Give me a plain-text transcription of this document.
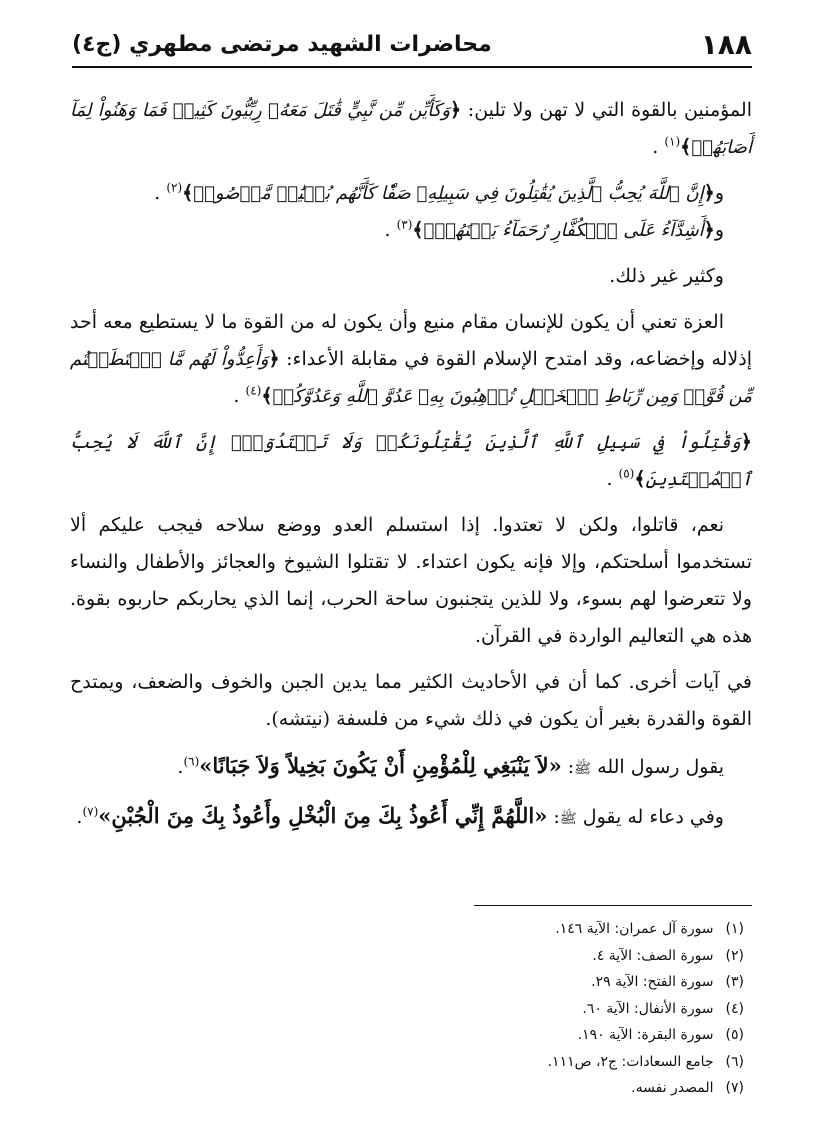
١٨٨
محاضرات الشهيد مرتضى مطهري (ج٤)

المؤمنين بالقوة التي لا تهن ولا تلين: ﴿وَكَأَيِّن مِّن نَّبِيٍّ قَٰتَلَ مَعَهُۥ رِبِّيُّونَ كَثِيرٞ فَمَا وَهَنُواْ لِمَآ أَصَابَهُمۡ﴾$^{(١)}$ .

و﴿إِنَّ ٱللَّهَ يُحِبُّ ٱلَّذِينَ يُقَٰتِلُونَ فِي سَبِيلِهِۦ صَفّٗا كَأَنَّهُم بُنۡيَٰنٞ مَّرۡصُوصٞ﴾$^{(٢)}$ .

و﴿أَشِدَّآءُ عَلَى ٱلۡكُفَّارِ رُحَمَآءُ بَيۡنَهُمۡۖ﴾$^{(٣)}$ .

وكثير غير ذلك.

العزة تعني أن يكون للإنسان مقام منيع وأن يكون له من القوة ما لا يستطيع معه أحد إذلاله وإخضاعه، وقد امتدح الإسلام القوة في مقابلة الأعداء: ﴿وَأَعِدُّواْ لَهُم مَّا ٱسۡتَطَعۡتُم مِّن قُوَّةٖ وَمِن رِّبَاطِ ٱلۡخَيۡلِ تُرۡهِبُونَ بِهِۦ عَدُوَّ ٱللَّهِ وَعَدُوَّكُمۡ﴾$^{(٤)}$ .

﴿وَقَٰتِلُواْ فِي سَبِيلِ ٱللَّهِ ٱلَّذِينَ يُقَٰتِلُونَكُمۡ وَلَا تَعۡتَدُوٓاْۚ إِنَّ ٱللَّهَ لَا يُحِبُّ ٱلۡمُعۡتَدِينَ﴾$^{(٥)}$ .

نعم، قاتلوا، ولكن لا تعتدوا. إذا استسلم العدو ووضع سلاحه فيجب عليكم ألا تستخدموا أسلحتكم، وإلا فإنه يكون اعتداء. لا تقتلوا الشيوخ والعجائز والأطفال والنساء ولا تتعرضوا لهم بسوء، ولا للذين يتجنبون ساحة الحرب، إنما الذي يحاربكم حاربوه بقوة. هذه هي التعاليم الواردة في القرآن.

في آيات أخرى. كما أن في الأحاديث الكثير مما يدين الجبن والخوف والضعف، ويمتدح القوة والقدرة بغير أن يكون في ذلك شيء من فلسفة (نيتشه).

يقول رسول الله ﷺ: «لاَ يَنْبَغِي لِلْمُؤْمِنِ أَنْ يَكُونَ بَخِيلاً وَلاَ جَبَانًا»$^{(٦)}$.

وفي دعاء له يقول ﷺ: «اللَّهُمَّ إِنِّي أَعُوذُ بِكَ مِنَ الْبُخْلِ وأَعُوذُ بِكَ مِنَ الْجُبْنِ»$^{(٧)}$.

(١) سورة آل عمران: الآية ١٤٦.
(٢) سورة الصف: الآية ٤.
(٣) سورة الفتح: الآية ٢٩.
(٤) سورة الأنفال: الآية ٦٠.
(٥) سورة البقرة: الآية ١٩٠.
(٦) جامع السعادات: ج٢، ص١١١.
(٧) المصدر نفسه.
